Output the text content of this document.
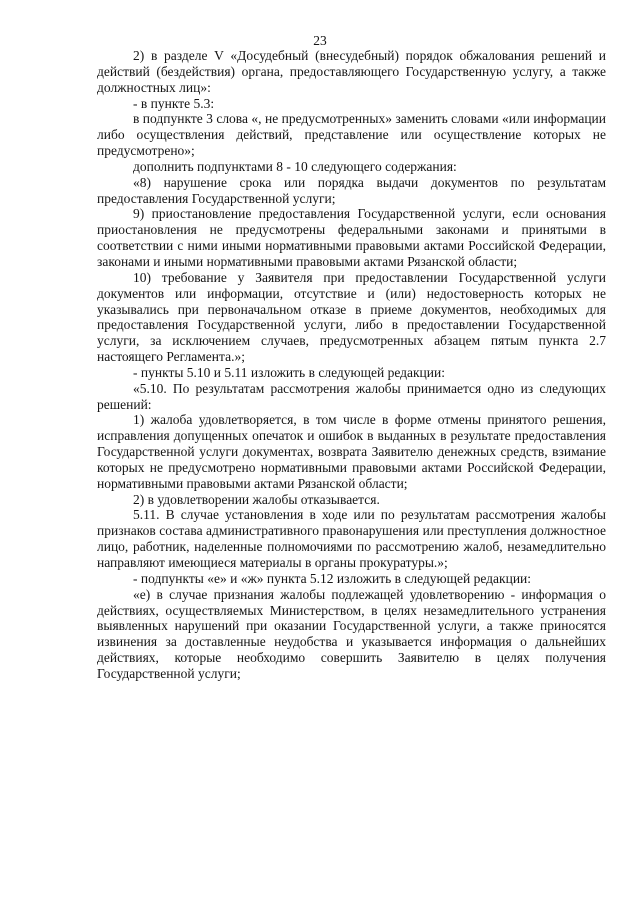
23

2) в разделе V «Досудебный (внесудебный) порядок обжалования решений и действий (бездействия) органа, предоставляющего Государственную услугу, а также должностных лиц»:

- в пункте 5.3:

в подпункте 3 слова «, не предусмотренных» заменить словами «или информации либо осуществления действий, представление или осуществление которых не предусмотрено»;

дополнить подпунктами 8 - 10 следующего содержания:

«8) нарушение срока или порядка выдачи документов по результатам предоставления Государственной услуги;

9) приостановление предоставления Государственной услуги, если основания приостановления не предусмотрены федеральными законами и принятыми в соответствии с ними иными нормативными правовыми актами Российской Федерации, законами и иными нормативными правовыми актами Рязанской области;

10) требование у Заявителя при предоставлении Государственной услуги документов или информации, отсутствие и (или) недостоверность которых не указывались при первоначальном отказе в приеме документов, необходимых для предоставления Государственной услуги, либо в предоставлении Государственной услуги, за исключением случаев, предусмотренных абзацем пятым пункта 2.7 настоящего Регламента.»;

- пункты 5.10 и 5.11 изложить в следующей редакции:

«5.10. По результатам рассмотрения жалобы принимается одно из следующих решений:

1) жалоба удовлетворяется, в том числе в форме отмены принятого решения, исправления допущенных опечаток и ошибок в выданных в результате предоставления Государственной услуги документах, возврата Заявителю денежных средств, взимание которых не предусмотрено нормативными правовыми актами Российской Федерации, нормативными правовыми актами Рязанской области;

2) в удовлетворении жалобы отказывается.

5.11. В случае установления в ходе или по результатам рассмотрения жалобы признаков состава административного правонарушения или преступления должностное лицо, работник, наделенные полномочиями по рассмотрению жалоб, незамедлительно направляют имеющиеся материалы в органы прокуратуры.»;

- подпункты «е» и «ж» пункта 5.12 изложить в следующей редакции:

«е) в случае признания жалобы подлежащей удовлетворению - информация о действиях, осуществляемых Министерством, в целях незамедлительного устранения выявленных нарушений при оказании Государственной услуги, а также приносятся извинения за доставленные неудобства и указывается информация о дальнейших действиях, которые необходимо совершить Заявителю в целях получения Государственной услуги;
